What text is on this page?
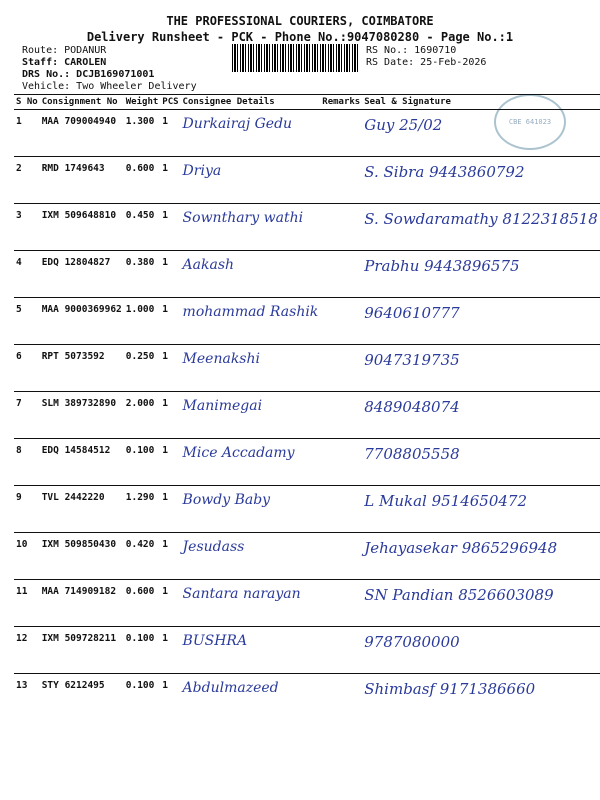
THE PROFESSIONAL COURIERS, COIMBATORE
Delivery Runsheet - PCK - Phone No.:9047080280 - Page No.:1
Route: PODANUR
Staff: CAROLEN
DRS No.: DCJB169071001
Vehicle: Two Wheeler Delivery
RS No.: 1690710
RS Date: 25-Feb-2026
CBE 641023
S No	Consignment No	Weight	PCS	Consignee Details	Remarks	Seal & Signature
1	MAA 709004940	1.300	1	Durkairaj Gedu		Guy 25/02
2	RMD 1749643	0.600	1	Driya		S. Sibra 9443860792
3	IXM 509648810	0.450	1	Sownthary wathi		S. Sowdaramathy 8122318518
4	EDQ 12804827	0.380	1	Aakash		Prabhu 9443896575
5	MAA 9000369962	1.000	1	mohammad Rashik		9640610777
6	RPT 5073592	0.250	1	Meenakshi		9047319735
7	SLM 389732890	2.000	1	Manimegai		8489048074
8	EDQ 14584512	0.100	1	Mice Accadamy		7708805558
9	TVL 2442220	1.290	1	Bowdy Baby		L Mukal 9514650472
10	IXM 509850430	0.420	1	Jesudass		Jehayasekar 9865296948
11	MAA 714909182	0.600	1	Santara narayan		SN Pandian 8526603089
12	IXM 509728211	0.100	1	BUSHRA		9787080000
13	STY 6212495	0.100	1	Abdulmazeed		Shimbasf 9171386660
